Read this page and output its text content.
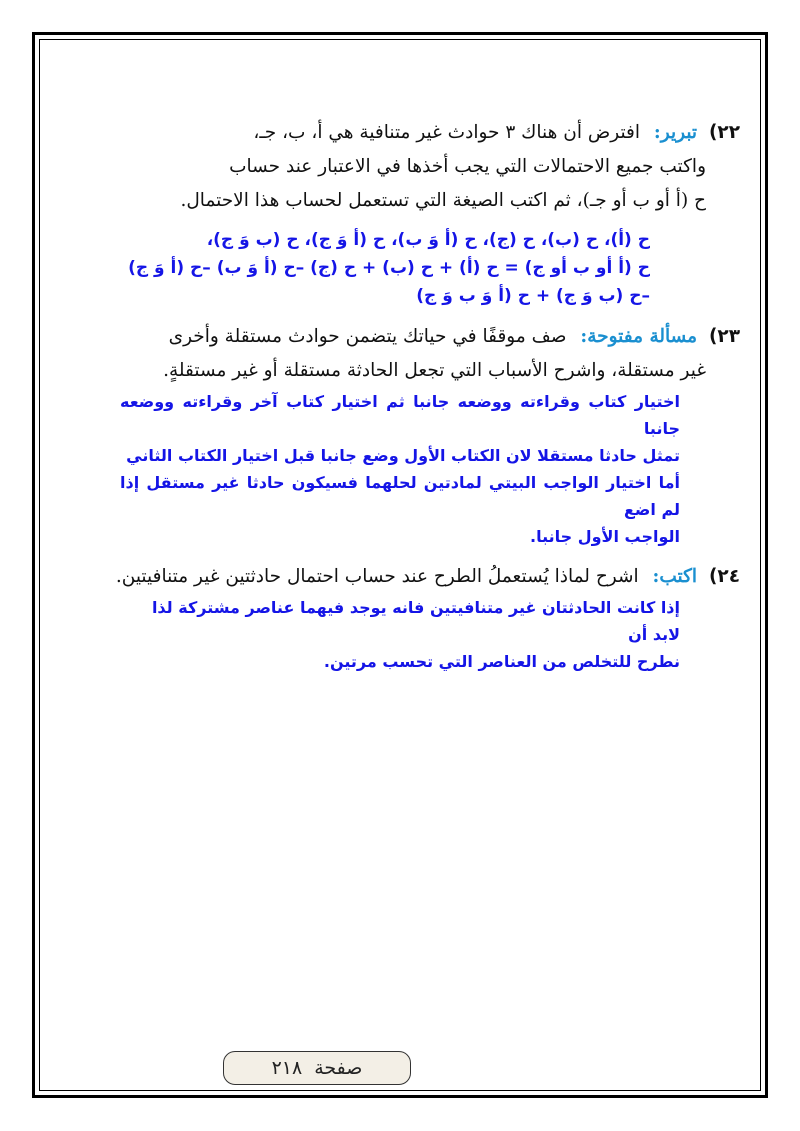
٢٢) تبرير: افترض أن هناك ٣ حوادث غير متنافية هي أ، ب، جـ،
واكتب جميع الاحتمالات التي يجب أخذها في الاعتبار عند حساب
ح (أ أو ب أو جـ)، ثم اكتب الصيغة التي تستعمل لحساب هذا الاحتمال.
ح (أ)، ح (ب)، ح (ج)، ح (أ وَ ب)، ح (أ وَ ج)، ح (ب وَ ج)،
ح (أ أو ب أو ج) = ح (أ) + ح (ب) + ح (ج) –ح (أ وَ ب) –ح (أ وَ ج)
–ح (ب وَ ج) + ح (أ وَ ب وَ ج)
٢٣) مسألة مفتوحة: صف موقفًا في حياتك يتضمن حوادث مستقلة وأخرى
غير مستقلة، واشرح الأسباب التي تجعل الحادثة مستقلة أو غير مستقلةٍ.
اختيار كتاب وقراءته ووضعه جانبا ثم اختيار كتاب آخر وقراءته ووضعه جانبا
تمثل حادثا مستقلا لان الكتاب الأول وضع جانبا قبل اختيار الكتاب الثاني
أما اختيار الواجب البيتي لمادتين لحلهما فسيكون حادثا غير مستقل إذا لم اضع
الواجب الأول جانبا.
٢٤) اكتب: اشرح لماذا يُستعملُ الطرح عند حساب احتمال حادثتين غير متنافيتين.
إذا كانت الحادثتان غير متنافيتين فانه يوجد فيهما عناصر مشتركة لذا لابد أن
نطرح للتخلص من العناصر التي تحسب مرتين.
صفحة
٢١٨
